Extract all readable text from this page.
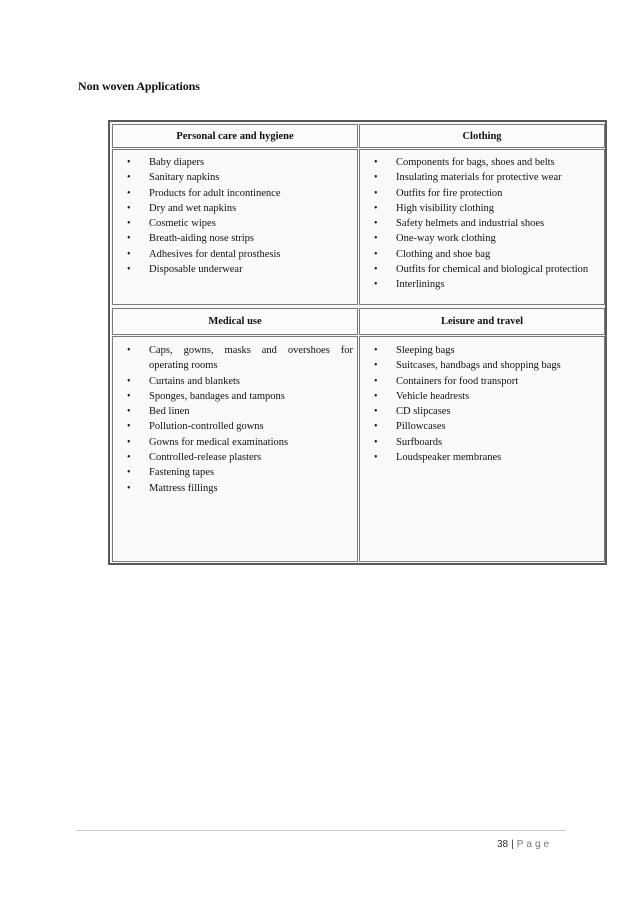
Non woven Applications
Personal care and hygiene	Clothing
• Baby diapers
• Sanitary napkins
• Products for adult incontinence
• Dry and wet napkins
• Cosmetic wipes
• Breath-aiding nose strips
• Adhesives for dental prosthesis
• Disposable underwear
• Components for bags, shoes and belts
• Insulating materials for protective wear
• Outfits for fire protection
• High visibility clothing
• Safety helmets and industrial shoes
• One-way work clothing
• Clothing and shoe bag
• Outfits for chemical and biological protection
• Interlinings
Medical use	Leisure and travel
• Caps, gowns, masks and overshoes for operating rooms
• Curtains and blankets
• Sponges, bandages and tampons
• Bed linen
• Pollution-controlled gowns
• Gowns for medical examinations
• Controlled-release plasters
• Fastening tapes
• Mattress fillings
• Sleeping bags
• Suitcases, handbags and shopping bags
• Containers for food transport
• Vehicle headrests
• CD slipcases
• Pillowcases
• Surfboards
• Loudspeaker membranes
38 | Page
